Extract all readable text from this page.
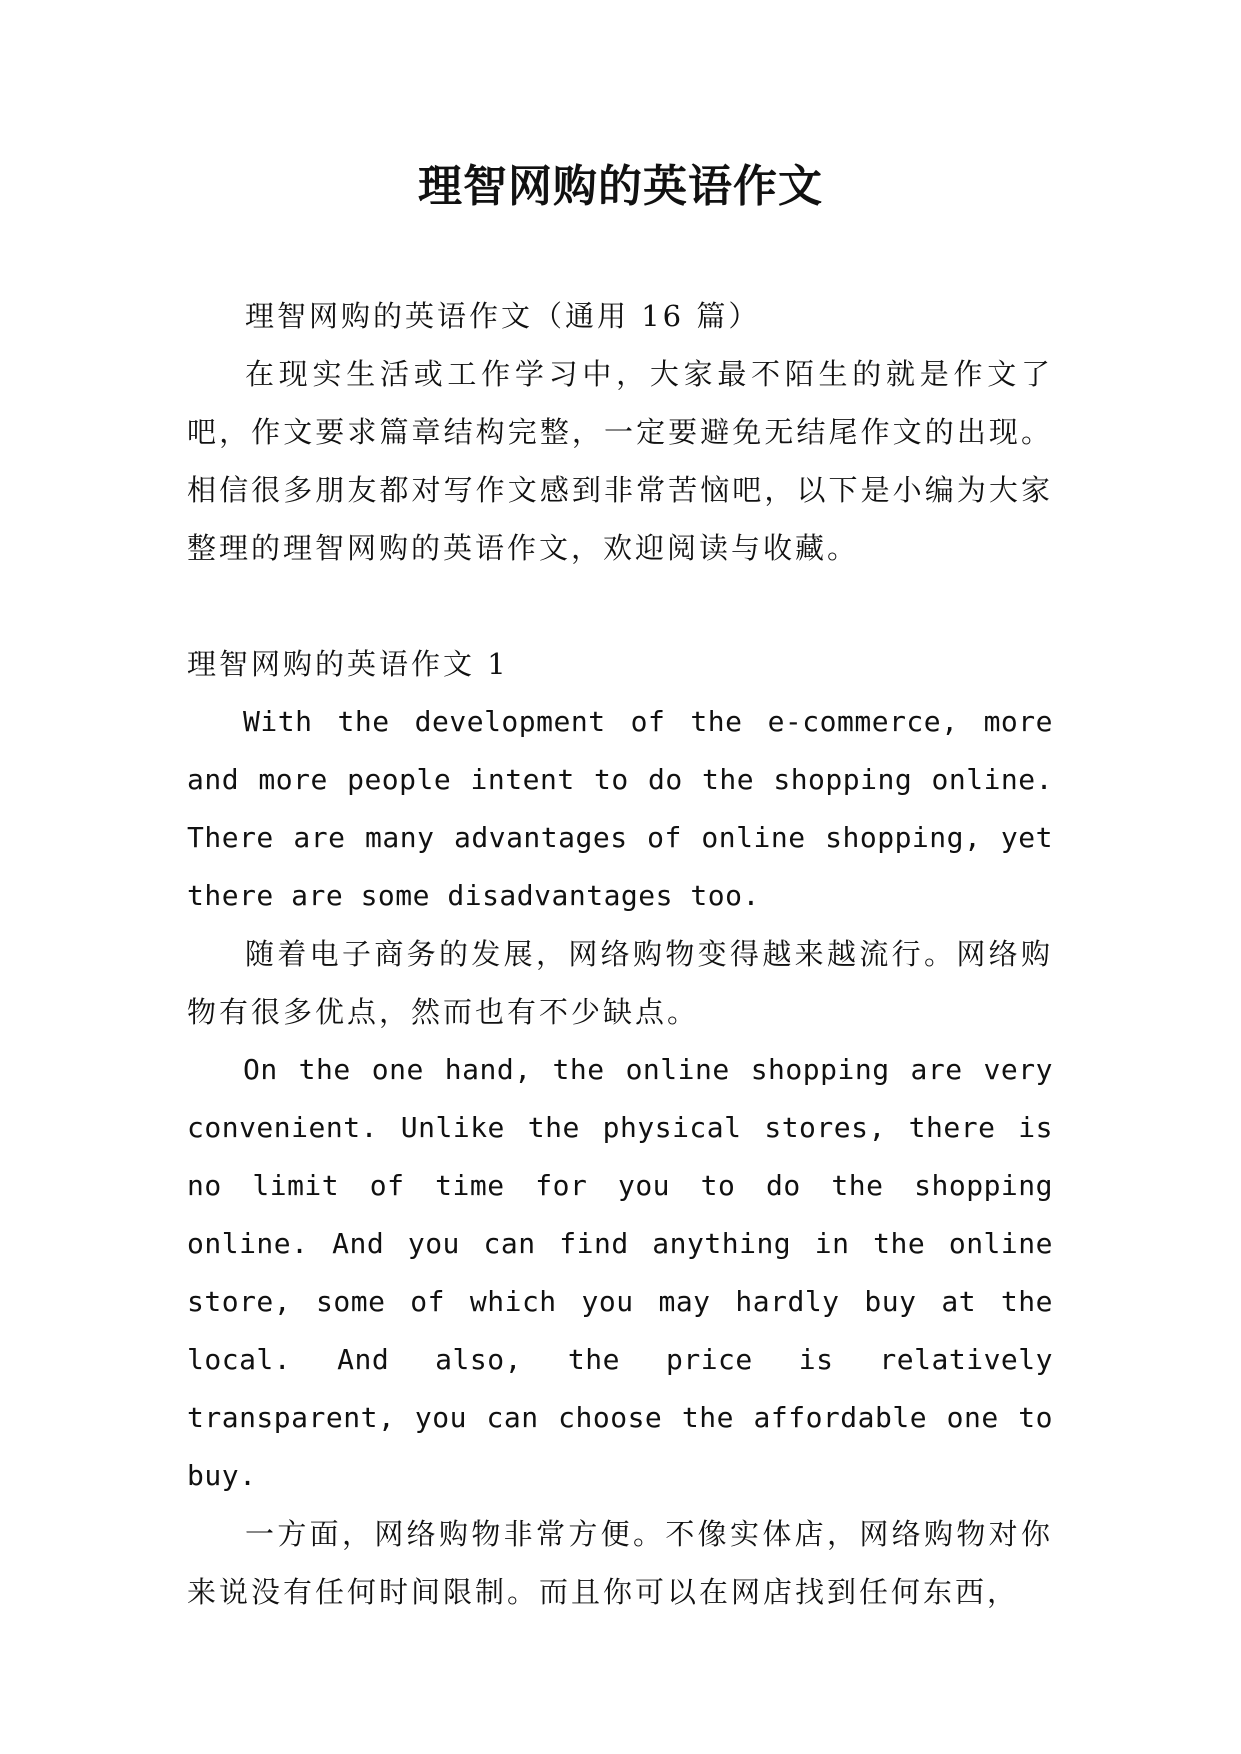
理智网购的英语作文

理智网购的英语作文（通用 16 篇）

在现实生活或工作学习中，大家最不陌生的就是作文了吧，作文要求篇章结构完整，一定要避免无结尾作文的出现。相信很多朋友都对写作文感到非常苦恼吧，以下是小编为大家整理的理智网购的英语作文，欢迎阅读与收藏。

理智网购的英语作文 1

With the development of the e-commerce, more and more people intent to do the shopping online. There are many advantages of online shopping, yet there are some disadvantages too.

随着电子商务的发展，网络购物变得越来越流行。网络购物有很多优点，然而也有不少缺点。

On the one hand, the online shopping are very convenient. Unlike the physical stores, there is no limit of time for you to do the shopping online. And you can find anything in the online store, some of which you may hardly buy at the local. And also, the price is relatively transparent, you can choose the affordable one to buy.

一方面，网络购物非常方便。不像实体店，网络购物对你来说没有任何时间限制。而且你可以在网店找到任何东西，
